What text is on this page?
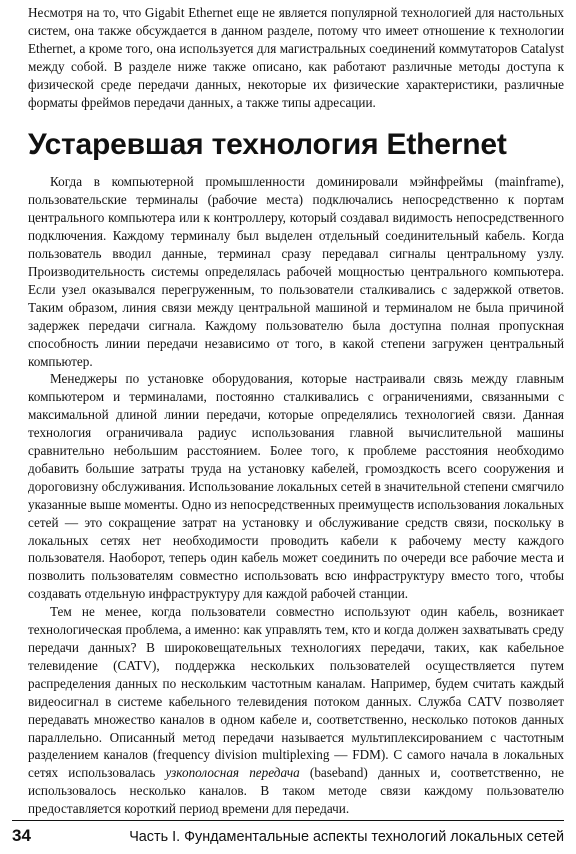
Несмотря на то, что Gigabit Ethernet еще не является популярной технологией для настольных систем, она также обсуждается в данном разделе, потому что имеет отношение к технологии Ethernet, а кроме того, она используется для магистральных соединений коммутаторов Catalyst между собой. В разделе ниже также описано, как работают различные методы доступа к физической среде передачи данных, некоторые их физические характеристики, различные форматы фреймов передачи данных, а также типы адресации.

Устаревшая технология Ethernet

Когда в компьютерной промышленности доминировали мэйнфреймы (mainframe), пользовательские терминалы (рабочие места) подключались непосредственно к портам центрального компьютера или к контроллеру, который создавал видимость непосредственного подключения. Каждому терминалу был выделен отдельный соединительный кабель. Когда пользователь вводил данные, терминал сразу передавал сигналы центральному узлу. Производительность системы определялась рабочей мощностью центрального компьютера. Если узел оказывался перегруженным, то пользователи сталкивались с задержкой ответов. Таким образом, линия связи между центральной машиной и терминалом не была причиной задержек передачи сигнала. Каждому пользователю была доступна полная пропускная способность линии передачи независимо от того, в какой степени загружен центральный компьютер.

Менеджеры по установке оборудования, которые настраивали связь между главным компьютером и терминалами, постоянно сталкивались с ограничениями, связанными с максимальной длиной линии передачи, которые определялись технологией связи. Данная технология ограничивала радиус использования главной вычислительной машины сравнительно небольшим расстоянием. Более того, к проблеме расстояния необходимо добавить большие затраты труда на установку кабелей, громоздкость всего сооружения и дороговизну обслуживания. Использование локальных сетей в значительной степени смягчило указанные выше моменты. Одно из непосредственных преимуществ использования локальных сетей — это сокращение затрат на установку и обслуживание средств связи, поскольку в локальных сетях нет необходимости проводить кабели к рабочему месту каждого пользователя. Наоборот, теперь один кабель может соединить по очереди все рабочие места и позволить пользователям совместно использовать всю инфраструктуру вместо того, чтобы создавать отдельную инфраструктуру для каждой рабочей станции.

Тем не менее, когда пользователи совместно используют один кабель, возникает технологическая проблема, а именно: как управлять тем, кто и когда должен захватывать среду передачи данных? В широковещательных технологиях передачи, таких, как кабельное телевидение (CATV), поддержка нескольких пользователей осуществляется путем распределения данных по нескольким частотным каналам. Например, будем считать каждый видеосигнал в системе кабельного телевидения потоком данных. Служба CATV позволяет передавать множество каналов в одном кабеле и, соответственно, несколько потоков данных параллельно. Описанный метод передачи называется мультиплексированием с частотным разделением каналов (frequency division multiplexing — FDM). С самого начала в локальных сетях использовалась узкополосная передача (baseband) данных и, соответственно, не использовалось несколько каналов. В таком методе связи каждому пользователю предоставляется короткий период времени для передачи.

34	Часть I. Фундаментальные аспекты технологий локальных сетей
